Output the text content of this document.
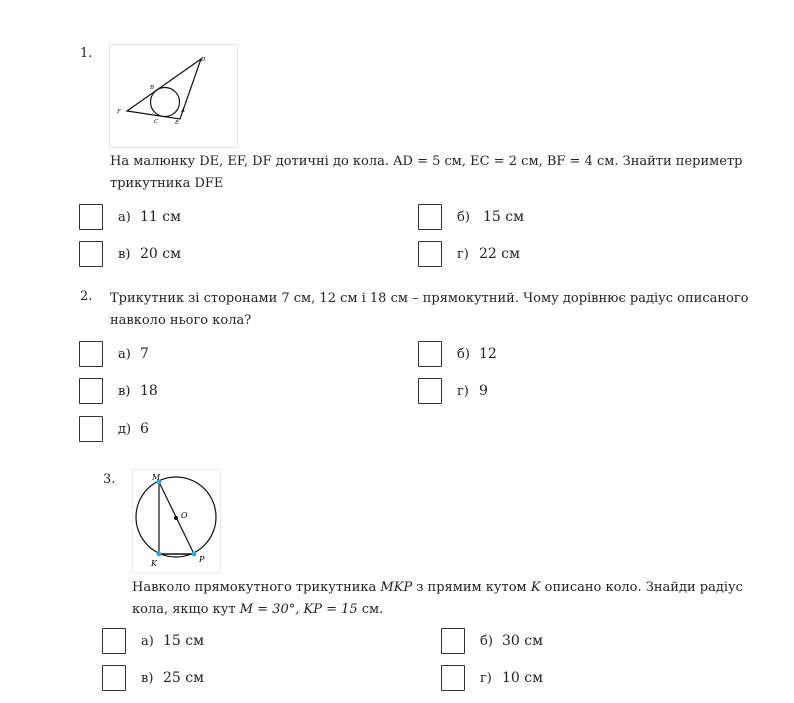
1.	D
B
F
C	E
A
На малюнку DE, EF, DF дотичні до кола. AD = 5 см, EC = 2 см, BF = 4 см. Знайти периметр
трикутника DFE
а) 11 см	б) 15 см
в) 20 см	г) 22 см
2. Трикутник зі сторонами 7 см, 12 см і 18 см – прямокутний. Чому дорівнює радіус описаного
навколо нього кола?
а) 7	б) 12
в) 18	г) 9
д) 6
3.	M
O
K	P
Навколо прямокутного трикутника MKP з прямим кутом K описано коло. Знайди радіус
кола, якщо кут M = 30°, KP = 15 см.
а) 15 см	б) 30 см
в) 25 см	г) 10 см
